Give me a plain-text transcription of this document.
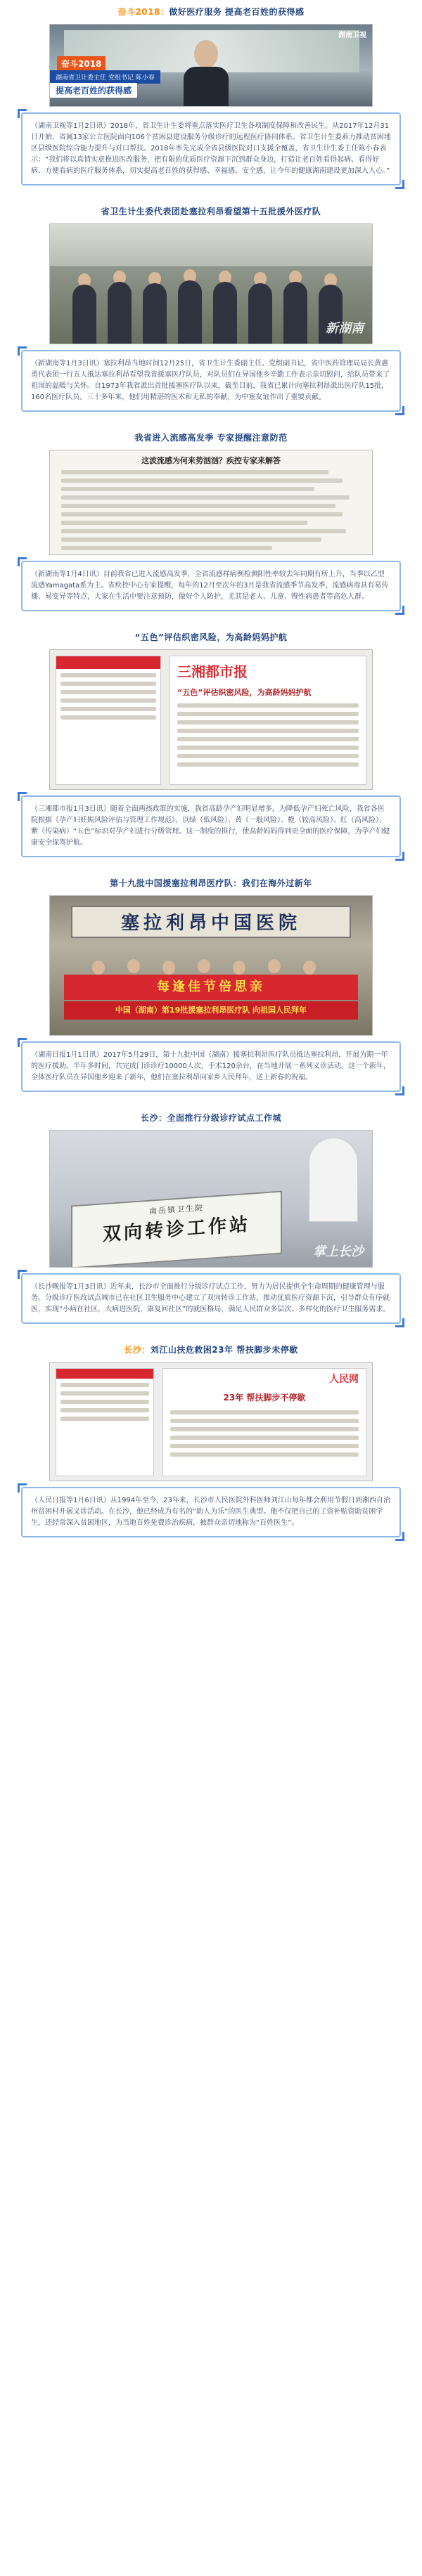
奋斗2018：做好医疗服务 提高老百姓的获得感
奋斗2018
湖南省卫计委主任 党组书记 陈小春
提高老百姓的获得感
湖南卫视
（湖南卫视等1月2日讯）2018年，省卫生计生委将重点落实医疗卫生各项制度保障和改善民生。从2017年12月31日开始，省属13家公立医院面向106个贫困县建设服务分级诊疗的远程医疗协同体系。省卫生计生委着力推动贫困地区县级医院综合能力提升与对口帮扶。2018年率先完成全省县级医院对口支援全覆盖，省卫生计生委主任陈小春表示：“我们将以真情实意推进医改服务，把有限的优质医疗资源下沉到群众身边，打造让老百姓看得起病、看得好病、方便看病的医疗服务体系，切实提高老百姓的获得感、幸福感、安全感，让今年的健康湖南建设更加深入人心。”
省卫生计生委代表团赴塞拉利昂看望第十五批援外医疗队
新湖南
（新湖南等1月3日讯）塞拉利昂当地时间12月25日，省卫生计生委副主任、党组副书记，省中医药管理局局长黄惠勇代表团一行五人抵达塞拉利昂看望我省援塞医疗队员，对队员们在异国他乡辛勤工作表示亲切慰问，给队员带来了祖国的温暖与关怀。自1973年我省派出首批援塞医疗队以来，截至目前，我省已累计向塞拉利昂派出医疗队15批，160名医疗队员。三十多年来，他们用精湛的医术和无私的奉献，为中塞友谊作出了重要贡献。
我省进入流感高发季 专家提醒注意防范
这波流感为何来势汹汹？疾控专家来解答
（新湖南等1月4日讯）目前我省已进入流感高发季，全省流感样病例检测阳性率较去年同期有所上升，当季以乙型流感Yamagata系为主。省疾控中心专家提醒，每年的12月至次年的3月是我省流感季节高发季，流感病毒具有易传播、易变异等特点，大家在生活中要注意预防，做好个人防护，尤其是老人、儿童、慢性病患者等高危人群。
“五色”评估织密风险，为高龄妈妈护航
三湘都市报
“五色”评估织密风险，为高龄妈妈护航
（三湘都市报1月3日讯）随着全面两孩政策的实施，我省高龄孕产妇明显增多，为降低孕产妇死亡风险，我省各医院根据《孕产妇妊娠风险评估与管理工作规范》，以绿（低风险）、黄（一般风险）、橙（较高风险）、红（高风险）、紫（传染病）“五色”标识对孕产妇进行分级管理。这一制度的推行，使高龄妈妈得到更全面的医疗保障，为孕产妇健康安全保驾护航。
第十九批中国援塞拉利昂医疗队：我们在海外过新年
塞拉利昂中国医院
每逢佳节倍思亲
中国（湖南）第19批援塞拉利昂医疗队 向祖国人民拜年
（湖南日报1月1日讯）2017年5月29日，第十九批中国（湖南）援塞拉利昂医疗队员抵达塞拉利昂，开展为期一年的医疗援助。半年多时间，共完成门诊诊疗10000人次，手术120余台，在当地开展一系列义诊活动。这一个新年，全体医疗队员在异国他乡迎来了新年，他们在塞拉利昂向家乡人民拜年，送上新春的祝福。
长沙：全面推行分级诊疗试点工作城
南岳镇卫生院
双向转诊工作站
掌上长沙
（长沙晚报等1月3日讯）近年来，长沙市全面推行分级诊疗试点工作，努力为居民提供全生命周期的健康管理与服务。分级诊疗医改试点城市已在社区卫生服务中心建立了双向转诊工作站，推动优质医疗资源下沉，引导群众有序就医，实现“小病在社区，大病进医院，康复回社区”的就医格局，满足人民群众多层次、多样化的医疗卫生服务需求。
长沙：刘江山扶危救困23年 帮扶脚步未停歇
人民网
23年 帮扶脚步不停歇
（人民日报等1月6日讯）从1994年至今，23年来，长沙市人民医院外科医师刘江山每年都会利用节假日到湘西自治州贫困村开展义诊活动。在长沙，他已经成为有名的“助人为乐”的医生典型。他不仅把自己的工资补贴资助贫困学生，还经常深入贫困地区，为当地百姓免费诊治疾病，被群众亲切地称为“百姓医生”。
